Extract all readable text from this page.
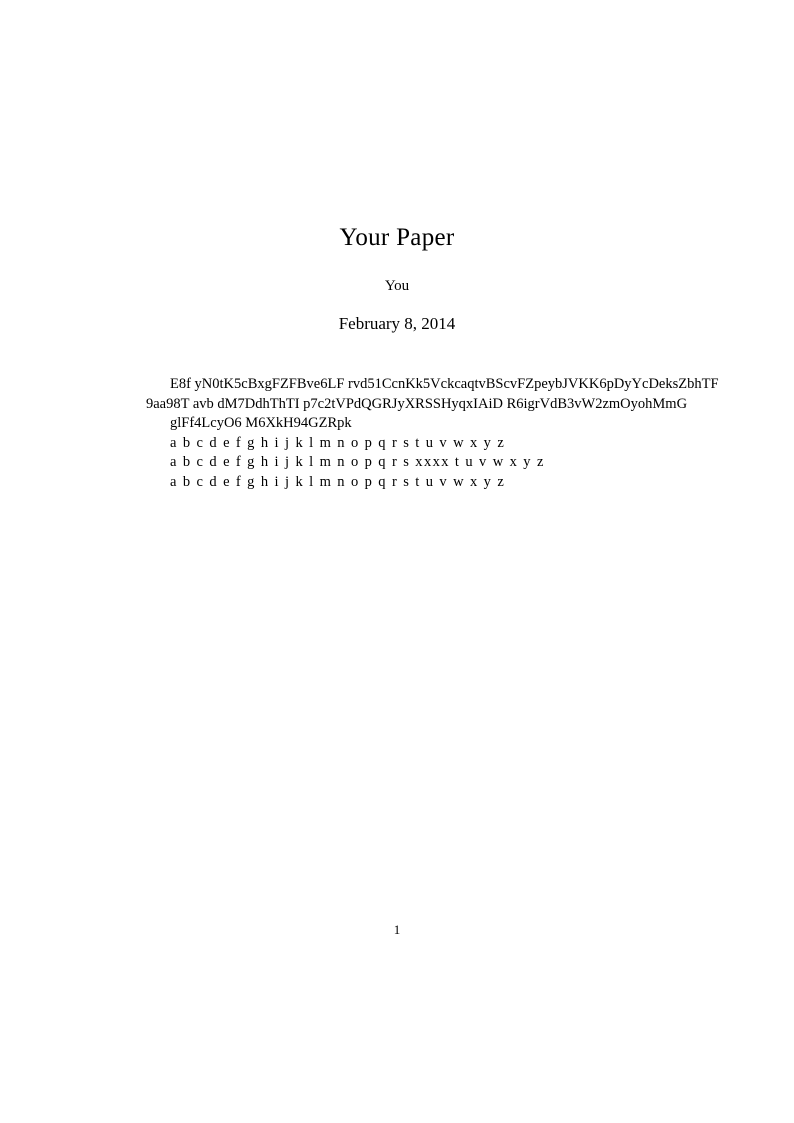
Your Paper
You
February 8, 2014
E8f yN0tK5cBxgFZFBve6LF rvd51CcnKk5VckcaqtvBScvFZpeybJVKK6pDyYcDeksZbhTF
9aa98T avb dM7DdhThTI p7c2tVPdQGRJyXRSSHyqxIAiD R6igrVdB3vW2zmOyohMmG
glFf4LcyO6 M6XkH94GZRpk
a b c d e f g h i j k l m n o p q r s t u v w x y z
a b c d e f g h i j k l m n o p q r s xxxx t u v w x y z
a b c d e f g h i j k l m n o p q r s t u v w x y z
1
